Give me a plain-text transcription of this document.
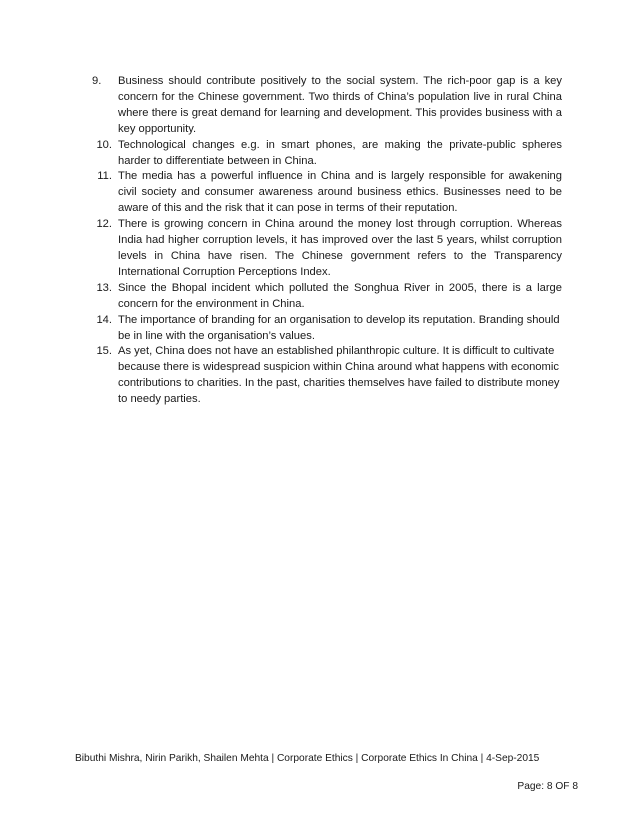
9.	Business should contribute positively to the social system. The rich-poor gap is a key concern for the Chinese government. Two thirds of China’s population live in rural China where there is great demand for learning and development. This provides business with a key opportunity.
10. Technological changes e.g. in smart phones, are making the private-public spheres harder to differentiate between in China.
11. The media has a powerful influence in China and is largely responsible for awakening civil society and consumer awareness around business ethics. Businesses need to be aware of this and the risk that it can pose in terms of their reputation.
12. There is growing concern in China around the money lost through corruption. Whereas India had higher corruption levels, it has improved over the last 5 years, whilst corruption levels in China have risen. The Chinese government refers to the Transparency International Corruption Perceptions Index.
13. Since the Bhopal incident which polluted the Songhua River in 2005, there is a large concern for the environment in China.
14. The importance of branding for an organisation to develop its reputation. Branding should be in line with the organisation’s values.
15. As yet, China does not have an established philanthropic culture. It is difficult to cultivate because there is widespread suspicion within China around what happens with economic contributions to charities. In the past, charities themselves have failed to distribute money to needy parties.
Bibuthi Mishra, Nirin Parikh, Shailen Mehta | Corporate Ethics | Corporate Ethics In China | 4-Sep-2015
Page: 8 OF 8
